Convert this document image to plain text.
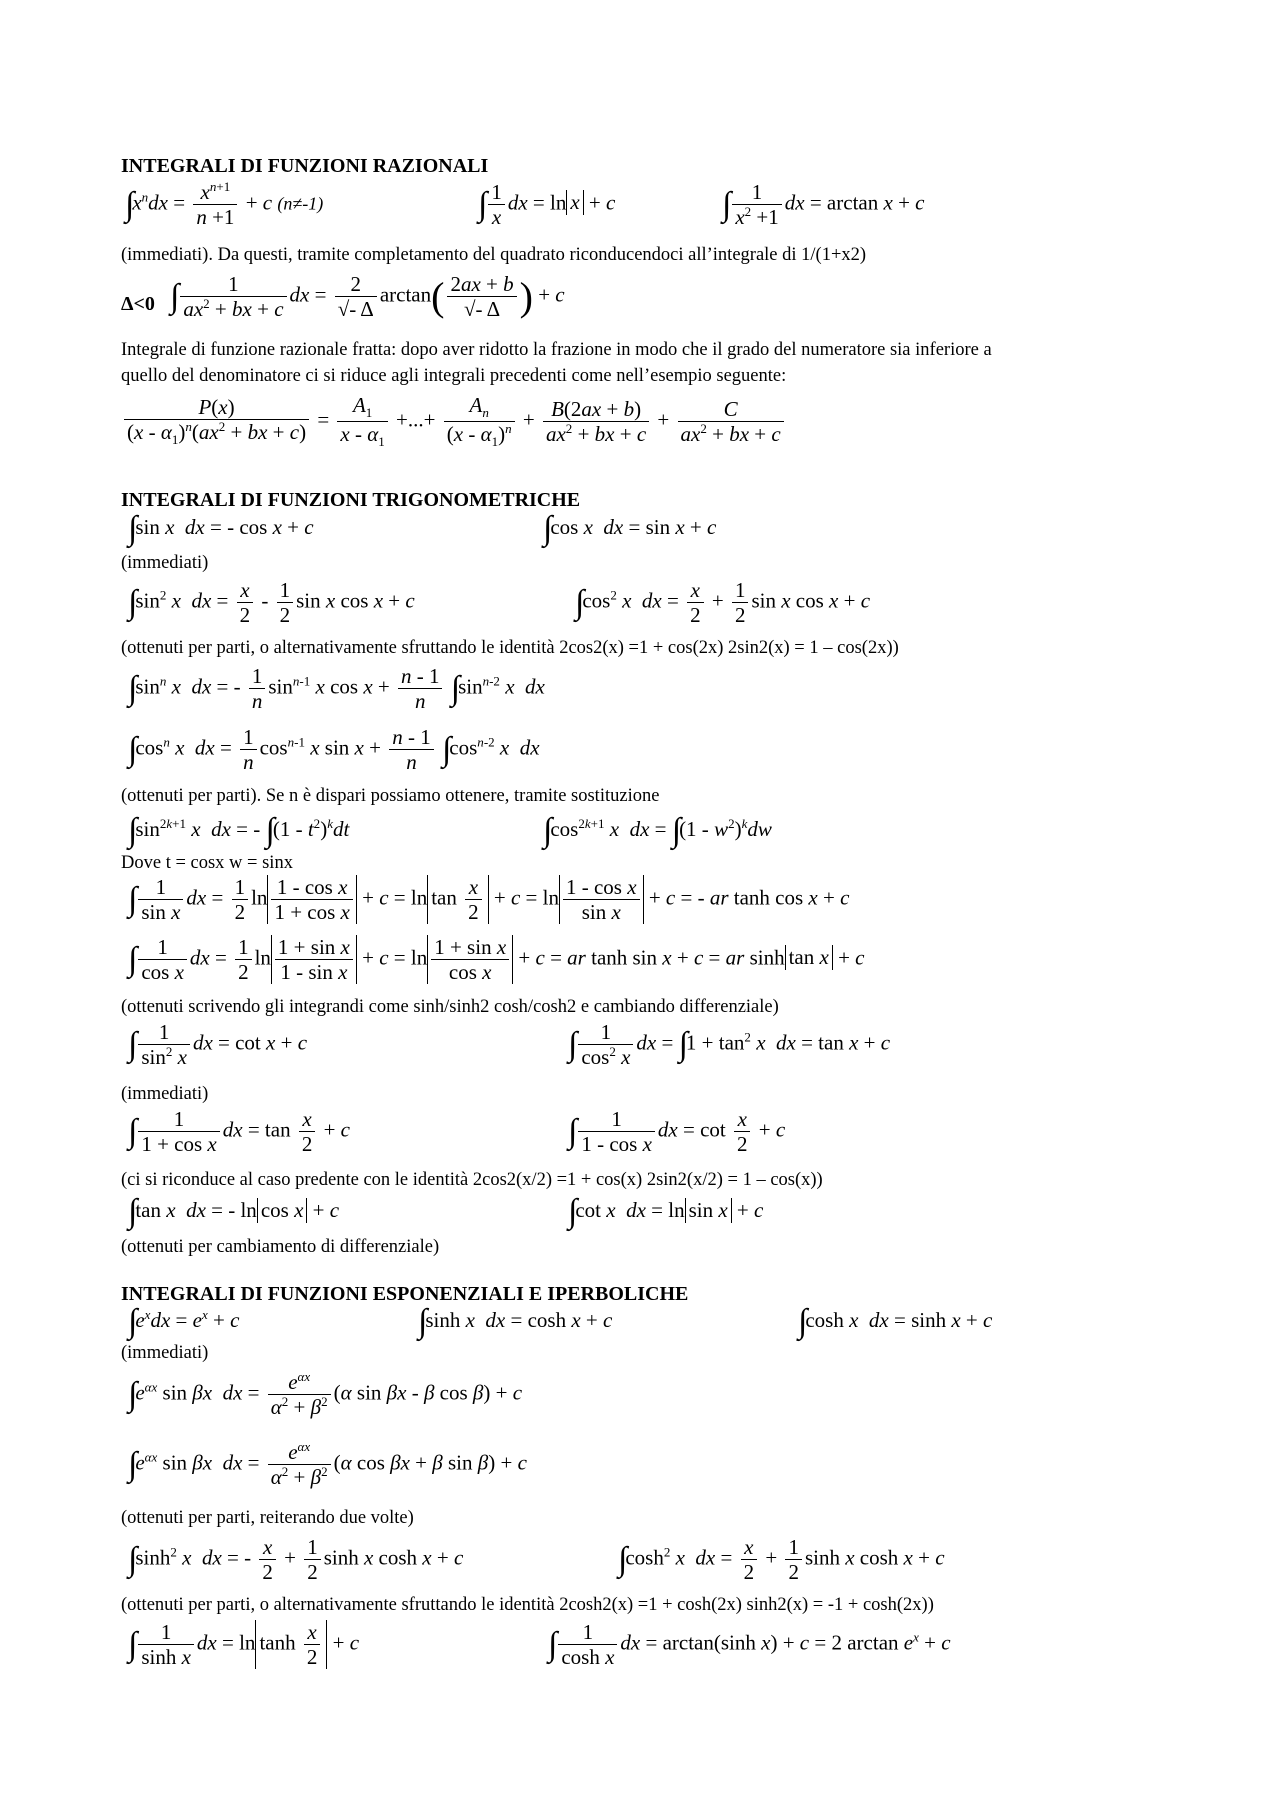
INTEGRALI DI FUNZIONI RAZIONALI
$\int x^ndx = \frac{x^{n+1}}{n +1} + c$ (n≠-1)	∫ $\frac{1}{x}$ dx = ln x + c	∫ $\frac{1}{x^2 +1}$ dx = arctan x + c
(immediati). Da questi, tramite completamento del quadrato riconducendoci all’integrale di 1/(1+x2)
Δ<0 ∫ $\frac{1}{ax^2 + bx + c}$ dx = $\frac{2}{√- \Delta} \arctan( \frac{2ax + b}{√- \Delta}$ ) + c
Integrale di funzione razionale fratta: dopo aver ridotto la frazione in modo che il grado del numeratore sia inferiore a
quello del denominatore ci si riduce agli integrali precedenti come nell’esempio seguente:
$\frac{P(x)}{(x - \alpha_1)^n(ax^2 + bx + c)} = \frac{A_1}{x - \alpha_1}$ +...+ $\frac{A_n}{(x - \alpha_1)^n} + \frac{B(2ax + b)}{ax^2 + bx + c} + \frac{C}{ax^2 + bx + c}$
INTEGRALI DI FUNZIONI TRIGONOMETRICHE
∫sin x dx = - cos x + c	∫cos x dx = sin x + c
(immediati)
$\int\sin^2$ x dx = $\frac{x}{2} - \frac{1}{2}$ sin x cos x + c	$\int\cos^2$ x dx = $\frac{x}{2} + \frac{1}{2}$ sin x cos x + c
(ottenuti per parti, o alternativamente sfruttando le identità 2cos2(x) =1 + cos(2x) 2sin2(x) = 1 – cos(2x))
$\int\sin^n$ x dx = - $\frac{1}{n} \sin^{n-1} x$ $\cos x + \frac{n - 1}{n} \int\sin^{n-2}$ x dx
$\int\cos^n$ x dx = $\frac{1}{n} \cos^{n-1} x$ $\sin x + \frac{n - 1}{n} \int\cos^{n-2}$ x dx
(ottenuti per parti). Se n è dispari possiamo ottenere, tramite sostituzione
$\int\sin^{2k+1}$ x dx = - $\int(1 - t^2)^kdt$	$\int\cos^{2k+1}$ x dx = $\int(1 - w^2)^kdw$
Dove t = cosx w = sinx
∫ $\frac{1}{\text{sin x}}$ dx = $\frac{1}{2}$ $\ln \frac{\text{1 - cos x}}{\text{1 + cos x}} + c = \ln \tan \frac{x}{2} + c = \ln \frac{\text{1 - cos x}}{\text{sin x}} + c$ = - ar tanh cos x + c
∫ $\frac{1}{\text{cos x}}$ dx = $\frac{1}{2}$ $\ln \frac{\text{1 + sin x}}{\text{1 - sin x}} + c = \ln \frac{\text{1 + sin x}}{\text{cos x}} + c$ = ar tanh sin x + c = ar sinh tan x + c
(ottenuti scrivendo gli integrandi come sinh/sinh2 cosh/cosh2 e cambiando differenziale)
∫ $\frac{1}{\sin^2 x}$ dx = cot x + c	∫ $\frac{1}{\cos^2 x}$ dx = $\int 1 + \tan^2 x$ dx = tan x + c
(immediati)
∫ $\frac{1}{\text{1 + cos x}}$ dx = $\tan \frac{x}{2} + c$	∫ $\frac{1}{\text{1 - cos x}}$ dx = $\cot \frac{x}{2} + c$
(ci si riconduce al caso predente con le identità 2cos2(x/2) =1 + cos(x) 2sin2(x/2) = 1 – cos(x))
∫tan x dx = - ln cos x + c	∫cot x dx = ln sin x + c
(ottenuti per cambiamento di differenziale)
INTEGRALI DI FUNZIONI ESPONENZIALI E IPERBOLICHE
$\int e^xdx = e^x + c$	∫sinh x dx = cosh x + c	∫cosh x dx = sinh x + c
(immediati)
$\int e^{\alpha x}$ sin βx dx = $\frac{e^{\alpha x}}{\alpha^2 + \beta^2} (\alpha$ sin βx - β cos β) + c
$\int e^{\alpha x}$ sin βx dx = $\frac{e^{\alpha x}}{\alpha^2 + \beta^2} (\alpha$ cos βx + β sin β) + c
(ottenuti per parti, reiterando due volte)
$\int\sinh^2$ x dx = - $\frac{x}{2} + \frac{1}{2}$ sinh x cosh x + c	$\int\cosh^2$ x dx = $\frac{x}{2} + \frac{1}{2}$ sinh x cosh x + c
(ottenuti per parti, o alternativamente sfruttando le identità 2cosh2(x) =1 + cosh(2x) sinh2(x) = -1 + cosh(2x))
∫ $\frac{1}{\text{sinh x}}$ dx = $\ln \tanh \frac{x}{2} + c$	∫ $\frac{1}{\text{cosh x}}$ dx = arctan(sinh x) + c = 2 $\arctan e^x + c$
